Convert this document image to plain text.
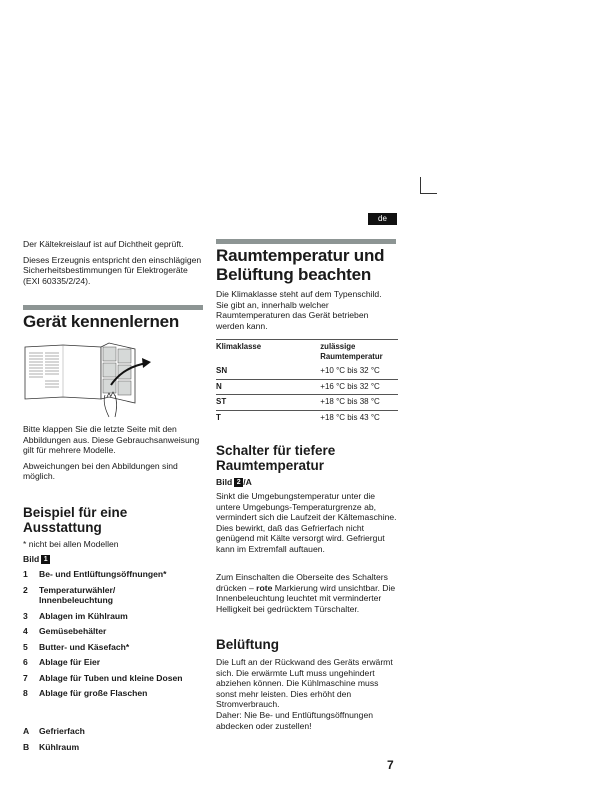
de

Der Kältekreislauf ist auf Dichtheit geprüft.

Dieses Erzeugnis entspricht den einschlägigen Sicherheitsbestimmungen für Elektrogeräte (EXI 60335/2/24).

Gerät kennenlernen

Bitte klappen Sie die letzte Seite mit den Abbildungen aus. Diese Gebrauchsanweisung gilt für mehrere Modelle.

Abweichungen bei den Abbildungen sind möglich.

Beispiel für eine Ausstattung

* nicht bei allen Modellen

Bild 1
1	Be- und Entlüftungsöffnungen*
2	Temperaturwähler/ Innenbeleuchtung
3	Ablagen im Kühlraum
4	Gemüsebehälter
5	Butter- und Käsefach*
6	Ablage für Eier
7	Ablage für Tuben und kleine Dosen
8	Ablage für große Flaschen
A	Gefrierfach
B	Kühlraum
Raumtemperatur und Belüftung beachten

Die Klimaklasse steht auf dem Typenschild. Sie gibt an, innerhalb welcher Raumtemperaturen das Gerät betrieben werden kann.

Klimaklasse	zulässige Raumtemperatur
SN	+10 °C bis 32 °C
N	+16 °C bis 32 °C
ST	+18 °C bis 38 °C
T	+18 °C bis 43 °C
Schalter für tiefere Raumtemperatur
Bild 2 /A

Sinkt die Umgebungstemperatur unter die untere Umgebungs-Temperaturgrenze ab, vermindert sich die Laufzeit der Kältemaschine. Dies bewirkt, daß das Gefrierfach nicht genügend mit Kälte versorgt wird. Gefriergut kann im Extremfall auftauen.

Zum Einschalten die Oberseite des Schalters drücken – rote Markierung wird unsichtbar. Die Innenbeleuchtung leuchtet mit verminderter Helligkeit bei gedrücktem Türschalter.

Belüftung

Die Luft an der Rückwand des Geräts erwärmt sich. Die erwärmte Luft muss ungehindert abziehen können. Die Kühlmaschine muss sonst mehr leisten. Dies erhöht den Stromverbrauch.

Daher: Nie Be- und Entlüftungsöffnungen abdecken oder zustellen!

7
